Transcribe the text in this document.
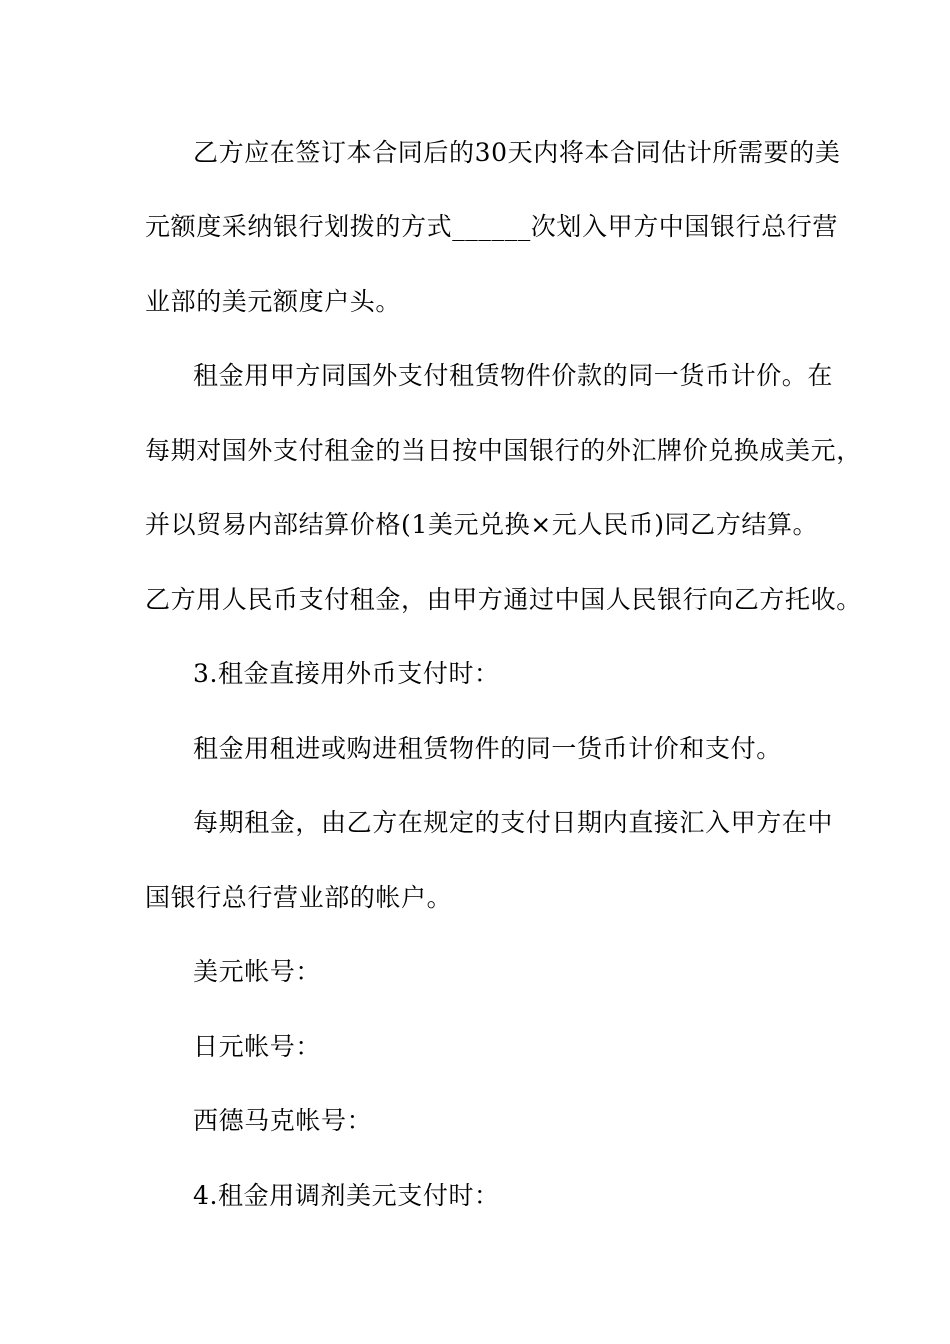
乙方应在签订本合同后的30天内将本合同估计所需要的美
元额度采纳银行划拨的方式______次划入甲方中国银行总行营
业部的美元额度户头。
租金用甲方同国外支付租赁物件价款的同一货币计价。在
每期对国外支付租金的当日按中国银行的外汇牌价兑换成美元，
并以贸易内部结算价格(1美元兑换×元人民币)同乙方结算。
乙方用人民币支付租金，由甲方通过中国人民银行向乙方托收。
3.租金直接用外币支付时：
租金用租进或购进租赁物件的同一货币计价和支付。
每期租金，由乙方在规定的支付日期内直接汇入甲方在中
国银行总行营业部的帐户。
美元帐号：
日元帐号：
西德马克帐号：
4.租金用调剂美元支付时：
